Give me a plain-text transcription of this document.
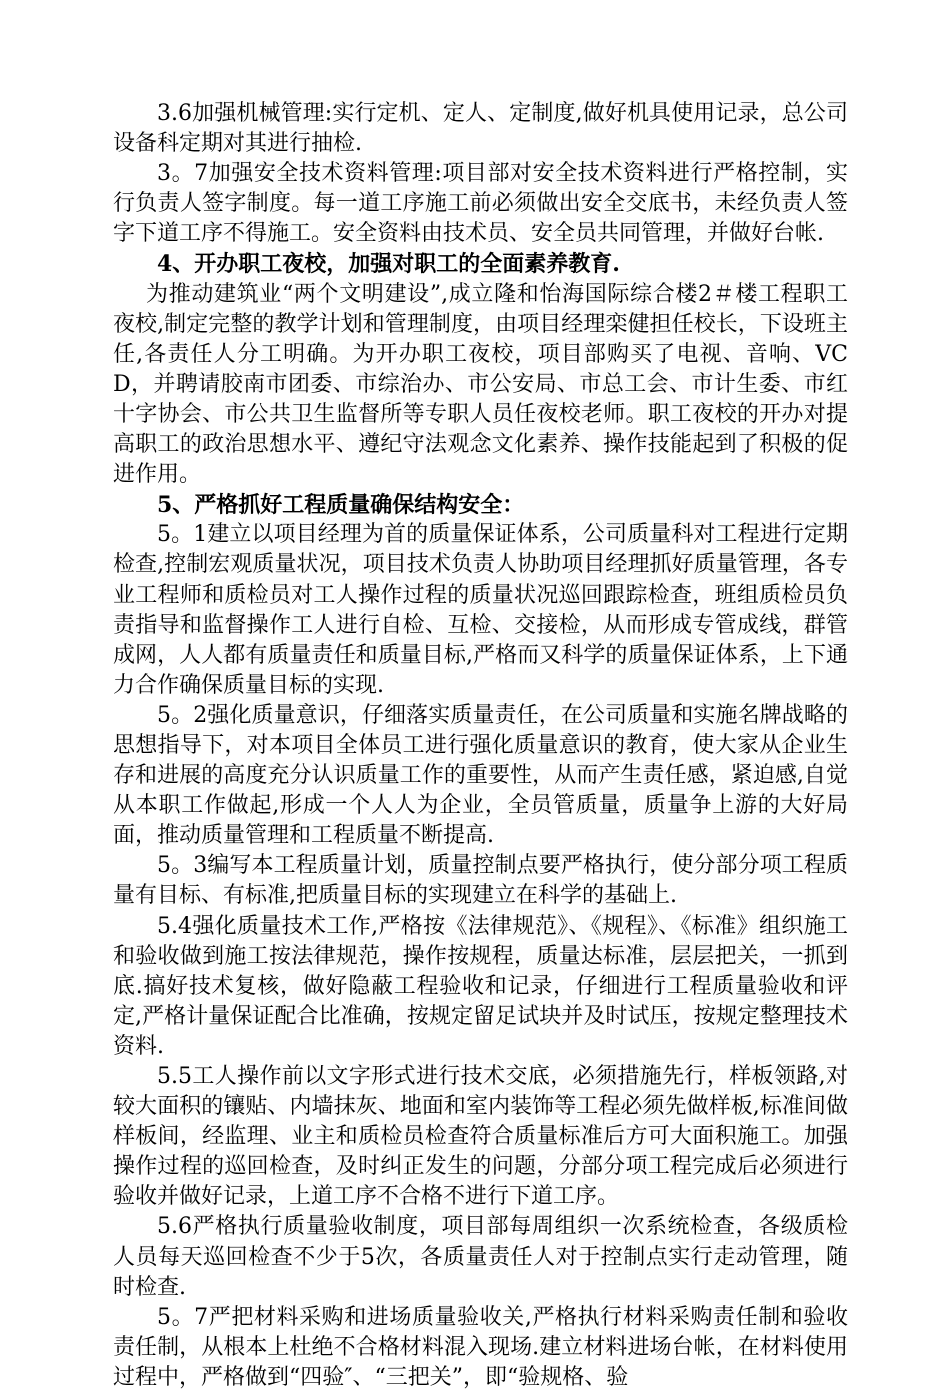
3.6加强机械管理:实行定机、定人、定制度,做好机具使用记录，总公司设备科定期对其进行抽检.

3。7加强安全技术资料管理:项目部对安全技术资料进行严格控制，实行负责人签字制度。每一道工序施工前必须做出安全交底书，未经负责人签字下道工序不得施工。安全资料由技术员、安全员共同管理，并做好台帐.

4、开办职工夜校，加强对职工的全面素养教育.

为推动建筑业“两个文明建设”,成立隆和怡海国际综合楼2＃楼工程职工夜校,制定完整的教学计划和管理制度，由项目经理栾健担任校长，下设班主任,各责任人分工明确。为开办职工夜校，项目部购买了电视、音响、VCD，并聘请胶南市团委、市综治办、市公安局、市总工会、市计生委、市红十字协会、市公共卫生监督所等专职人员任夜校老师。职工夜校的开办对提高职工的政治思想水平、遵纪守法观念文化素养、操作技能起到了积极的促进作用。

5、严格抓好工程质量确保结构安全：

5。1建立以项目经理为首的质量保证体系，公司质量科对工程进行定期检查,控制宏观质量状况，项目技术负责人协助项目经理抓好质量管理，各专业工程师和质检员对工人操作过程的质量状况巡回跟踪检查，班组质检员负责指导和监督操作工人进行自检、互检、交接检，从而形成专管成线，群管成网，人人都有质量责任和质量目标,严格而又科学的质量保证体系，上下通力合作确保质量目标的实现.

5。2强化质量意识，仔细落实质量责任，在公司质量和实施名牌战略的思想指导下，对本项目全体员工进行强化质量意识的教育，使大家从企业生存和进展的高度充分认识质量工作的重要性，从而产生责任感，紧迫感,自觉从本职工作做起,形成一个人人为企业，全员管质量，质量争上游的大好局面，推动质量管理和工程质量不断提高.

5。3编写本工程质量计划，质量控制点要严格执行，使分部分项工程质量有目标、有标准,把质量目标的实现建立在科学的基础上.

5.4强化质量技术工作,严格按《法律规范》、《规程》、《标准》组织施工和验收做到施工按法律规范，操作按规程，质量达标准，层层把关，一抓到底.搞好技术复核，做好隐蔽工程验收和记录，仔细进行工程质量验收和评定,严格计量保证配合比准确，按规定留足试块并及时试压，按规定整理技术资料.

5.5工人操作前以文字形式进行技术交底，必须措施先行，样板领路,对较大面积的镶贴、内墙抹灰、地面和室内装饰等工程必须先做样板,标准间做样板间，经监理、业主和质检员检查符合质量标准后方可大面积施工。加强操作过程的巡回检查，及时纠正发生的问题，分部分项工程完成后必须进行验收并做好记录，上道工序不合格不进行下道工序。

5.6严格执行质量验收制度，项目部每周组织一次系统检查，各级质检人员每天巡回检查不少于5次，各质量责任人对于控制点实行走动管理，随时检查.

5。7严把材料采购和进场质量验收关,严格执行材料采购责任制和验收责任制，从根本上杜绝不合格材料混入现场.建立材料进场台帐，在材料使用过程中，严格做到“四验″、“三把关”，即“验规格、验
